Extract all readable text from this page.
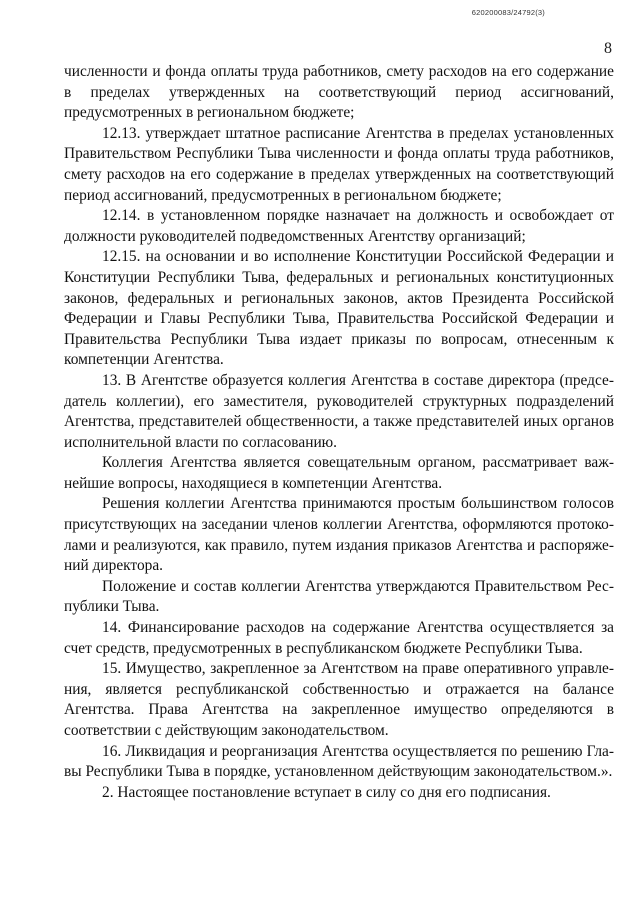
620200083/24792(3)
8

численности и фонда оплаты труда работников, смету расходов на его содержание в пределах утвержденных на соответствующий период ассигнований, предусмотренных в региональном бюджете;

12.13. утверждает штатное расписание Агентства в пределах установленных Правительством Республики Тыва численности и фонда оплаты труда работников, смету расходов на его содержание в пределах утвержденных на соответствующий период ассигнований, предусмотренных в региональном бюджете;

12.14. в установленном порядке назначает на должность и освобождает от должности руководителей подведомственных Агентству организаций;

12.15. на основании и во исполнение Конституции Российской Федерации и Конституции Республики Тыва, федеральных и региональных конституционных законов, федеральных и региональных законов, актов Президента Российской Федерации и Главы Республики Тыва, Правительства Российской Федерации и Правительства Республики Тыва издает приказы по вопросам, отнесенным к компетенции Агентства.

13. В Агентстве образуется коллегия Агентства в составе директора (председатель коллегии), его заместителя, руководителей структурных подразделений Агентства, представителей общественности, а также представителей иных органов исполнительной власти по согласованию.

Коллегия Агентства является совещательным органом, рассматривает важнейшие вопросы, находящиеся в компетенции Агентства.

Решения коллегии Агентства принимаются простым большинством голосов присутствующих на заседании членов коллегии Агентства, оформляются протоколами и реализуются, как правило, путем издания приказов Агентства и распоряжений директора.

Положение и состав коллегии Агентства утверждаются Правительством Республики Тыва.

14. Финансирование расходов на содержание Агентства осуществляется за счет средств, предусмотренных в республиканском бюджете Республики Тыва.

15. Имущество, закрепленное за Агентством на праве оперативного управления, является республиканской собственностью и отражается на балансе Агентства. Права Агентства на закрепленное имущество определяются в соответствии с действующим законодательством.

16. Ликвидация и реорганизация Агентства осуществляется по решению Главы Республики Тыва в порядке, установленном действующим законодательством.».

2. Настоящее постановление вступает в силу со дня его подписания.
